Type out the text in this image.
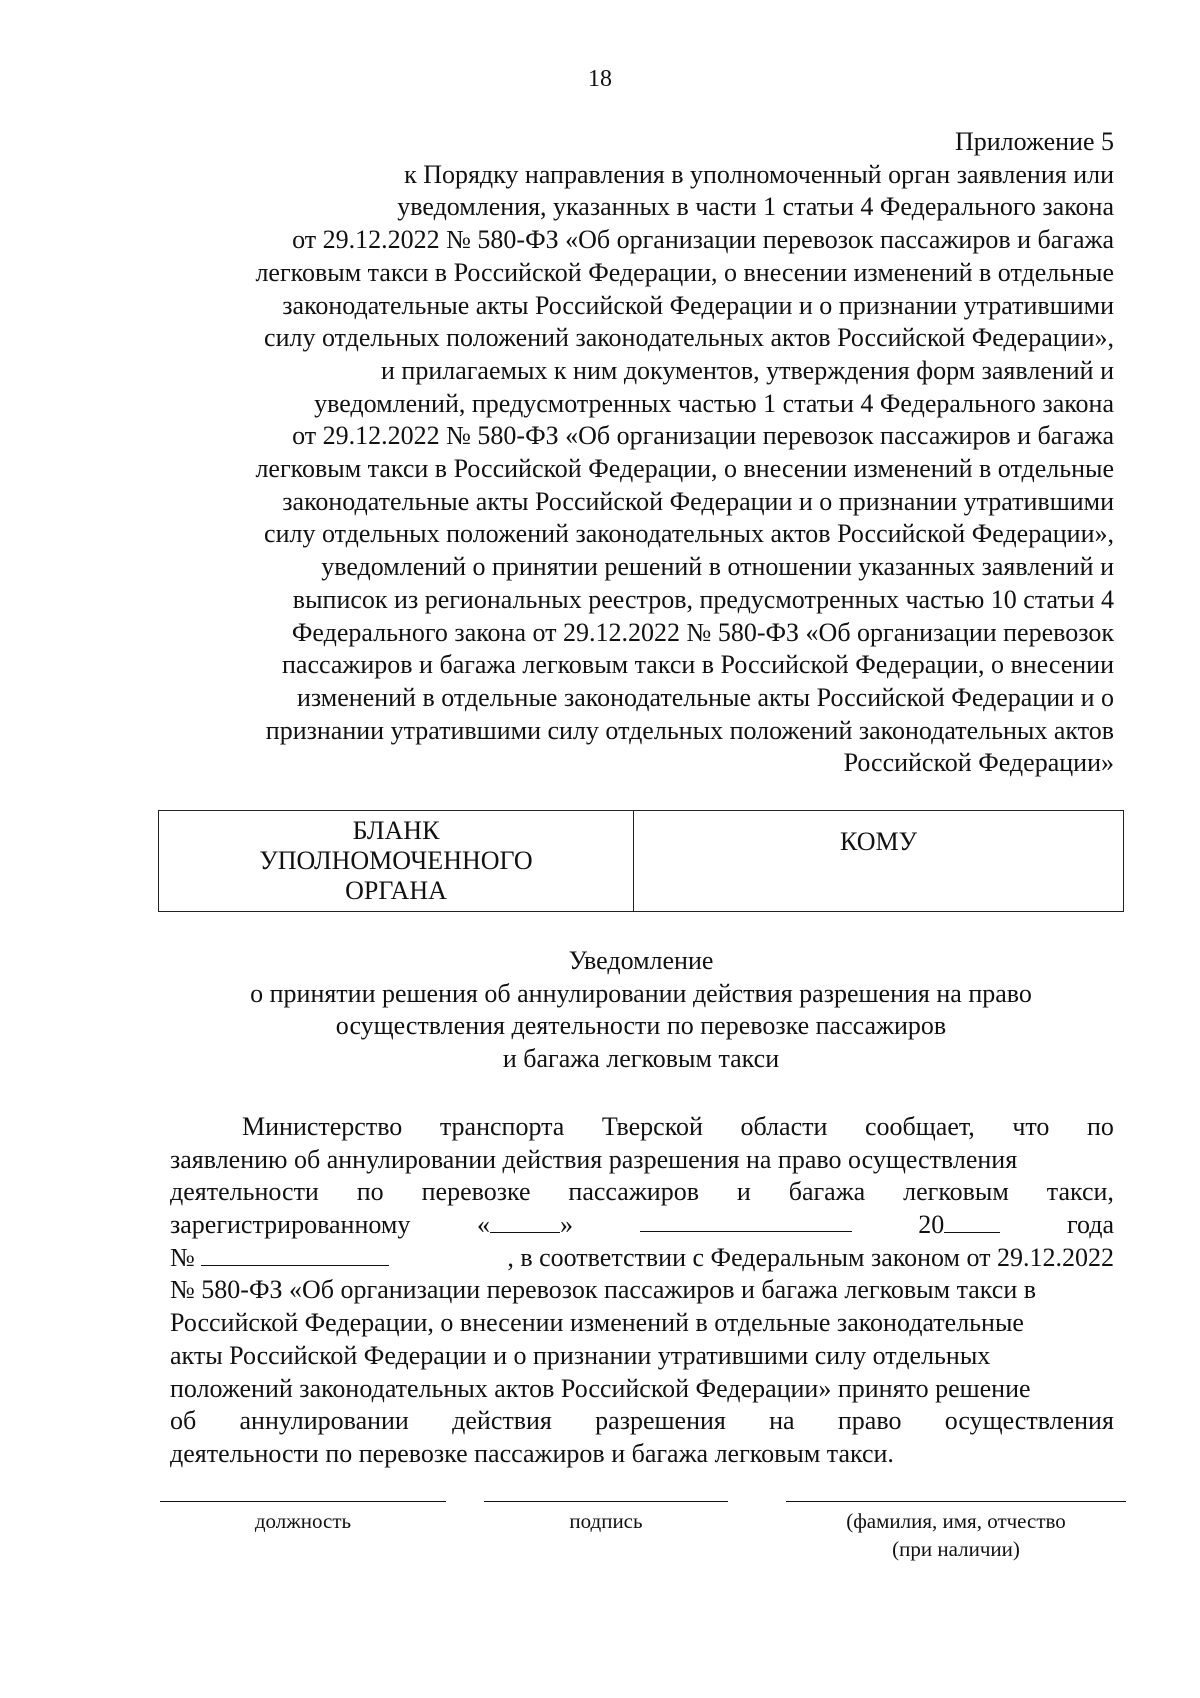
18
Приложение 5
к Порядку направления в уполномоченный орган заявления или
уведомления, указанных в части 1 статьи 4 Федерального закона
от 29.12.2022 № 580-ФЗ «Об организации перевозок пассажиров и багажа
легковым такси в Российской Федерации, о внесении изменений в отдельные
законодательные акты Российской Федерации и о признании утратившими
силу отдельных положений законодательных актов Российской Федерации»,
и прилагаемых к ним документов, утверждения форм заявлений и
уведомлений, предусмотренных частью 1 статьи 4 Федерального закона
от 29.12.2022 № 580-ФЗ «Об организации перевозок пассажиров и багажа
легковым такси в Российской Федерации, о внесении изменений в отдельные
законодательные акты Российской Федерации и о признании утратившими
силу отдельных положений законодательных актов Российской Федерации»,
уведомлений о принятии решений в отношении указанных заявлений и
выписок из региональных реестров, предусмотренных частью 10 статьи 4
Федерального закона от 29.12.2022 № 580-ФЗ «Об организации перевозок
пассажиров и багажа легковым такси в Российской Федерации, о внесении
изменений в отдельные законодательные акты Российской Федерации и о
признании утратившими силу отдельных положений законодательных актов
Российской Федерации»
БЛАНК УПОЛНОМОЧЕННОГО ОРГАНА
КОМУ
Уведомление
о принятии решения об аннулировании действия разрешения на право
осуществления деятельности по перевозке пассажиров
и багажа легковым такси
Министерство транспорта Тверской области сообщает, что по
заявлению об аннулировании действия разрешения на право осуществления
деятельности по перевозке пассажиров и багажа легковым такси,
зарегистрированному	«	»	20	года
№	, в соответствии с Федеральным законом от 29.12.2022
№ 580-ФЗ «Об организации перевозок пассажиров и багажа легковым такси в
Российской Федерации, о внесении изменений в отдельные законодательные
акты Российской Федерации и о признании утратившими силу отдельных
положений законодательных актов Российской Федерации» принято решение
об аннулировании действия разрешения на право осуществления
деятельности по перевозке пассажиров и багажа легковым такси.
должность	подпись	(фамилия, имя, отчество
(при наличии)
